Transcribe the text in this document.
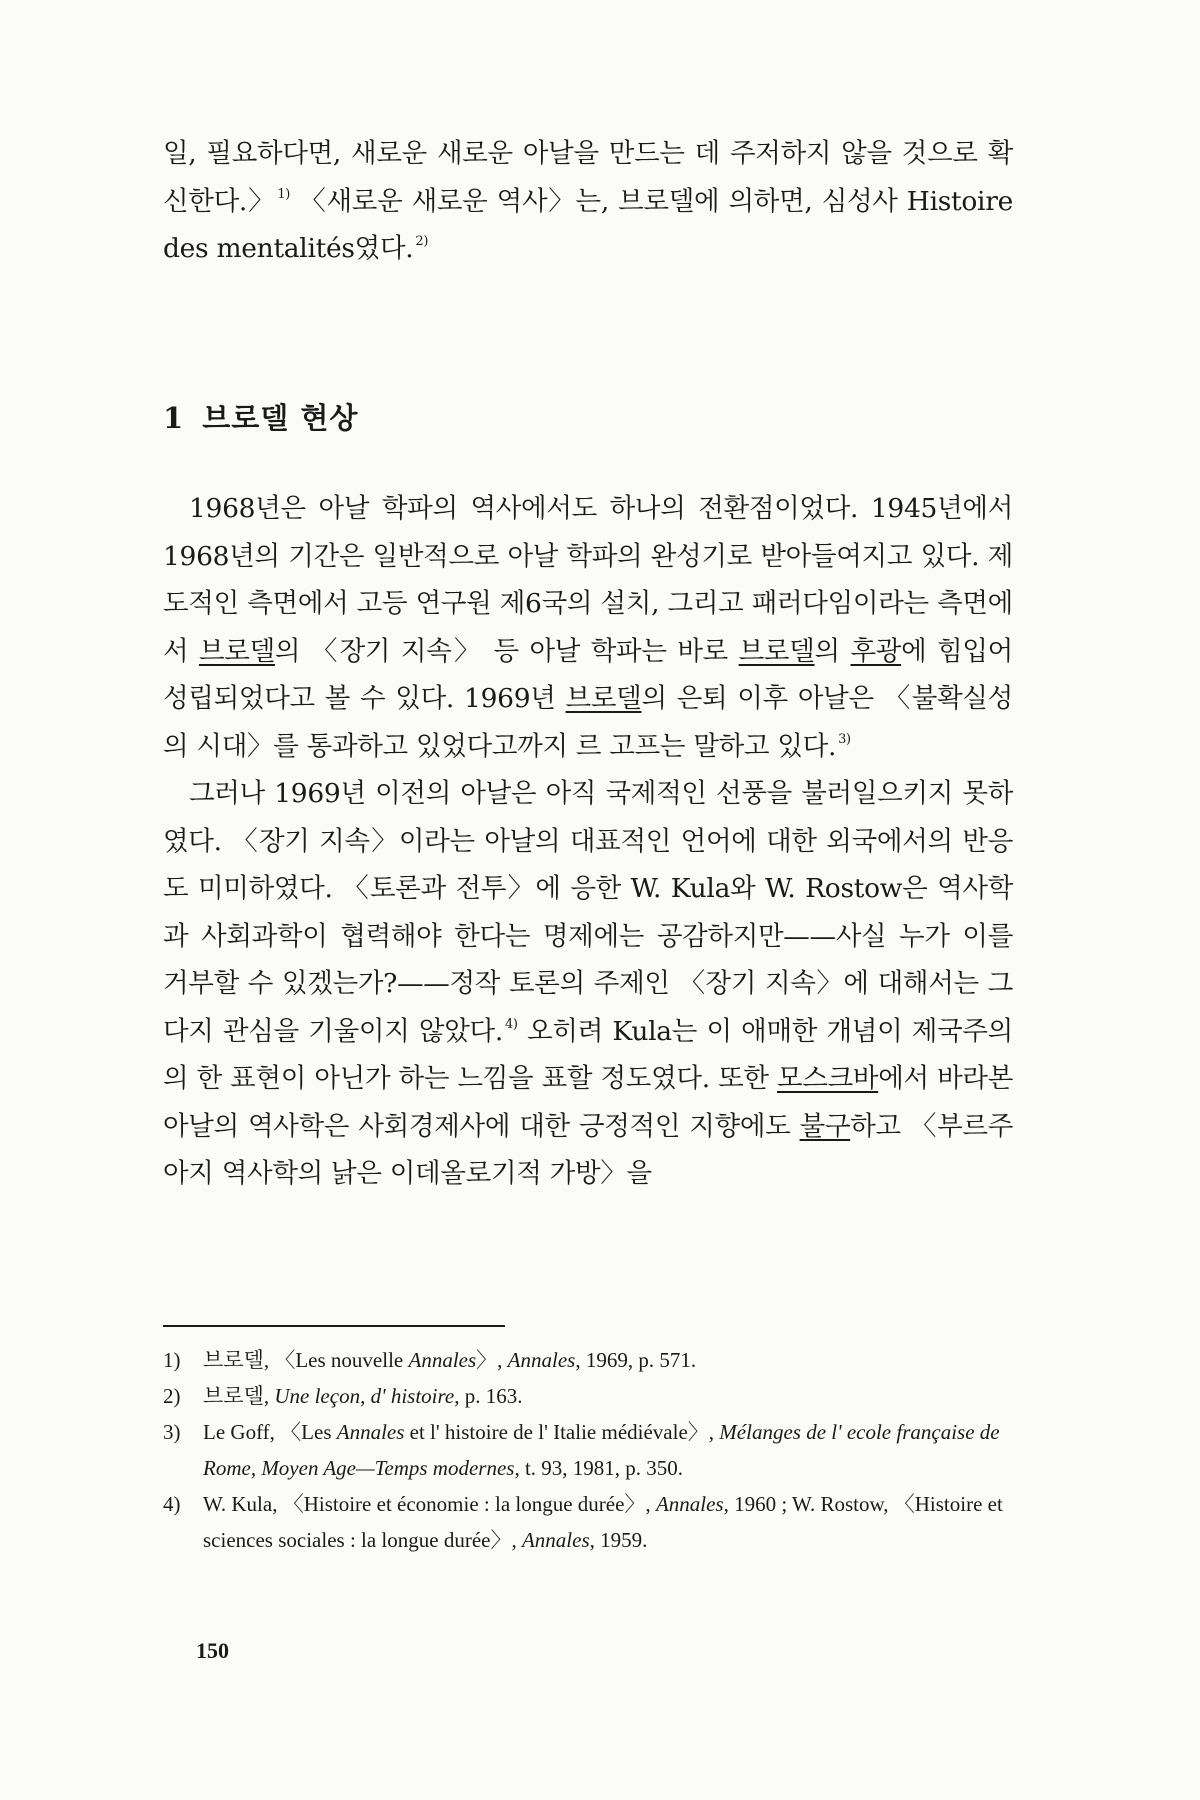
일, 필요하다면, 새로운 새로운 아날을 만드는 데 주저하지 않을 것으로 확신한다.〉 $^{1)}$ 〈새로운 새로운 역사〉는, 브로델에 의하면, 심성사 Histoire des mentalités였다. $^{2)}$

1 브로델 현상

1968년은 아날 학파의 역사에서도 하나의 전환점이었다. 1945년에서 1968년의 기간은 일반적으로 아날 학파의 완성기로 받아들여지고 있다. 제도적인 측면에서 고등 연구원 제6국의 설치, 그리고 패러다임이라는 측면에서 브로델의 〈장기 지속〉 등 아날 학파는 바로 브로델의 후광에 힘입어 성립되었다고 볼 수 있다. 1969년 브로델의 은퇴 이후 아날은 〈불확실성의 시대〉를 통과하고 있었다고까지 르 고프는 말하고 있다. $^{3)}$

그러나 1969년 이전의 아날은 아직 국제적인 선풍을 불러일으키지 못하였다. 〈장기 지속〉이라는 아날의 대표적인 언어에 대한 외국에서의 반응도 미미하였다. 〈토론과 전투〉에 응한 W. Kula와 W. Rostow은 역사학과 사회과학이 협력해야 한다는 명제에는 공감하지만——사실 누가 이를 거부할 수 있겠는가?——정작 토론의 주제인 〈장기 지속〉에 대해서는 그다지 관심을 기울이지 않았다. $^{4)}$ 오히려 Kula는 이 애매한 개념이 제국주의의 한 표현이 아닌가 하는 느낌을 표할 정도였다. 또한 모스크바에서 바라본 아날의 역사학은 사회경제사에 대한 긍정적인 지향에도 불구하고 〈부르주아지 역사학의 낡은 이데올로기적 가방〉을

1)	브로델, 〈Les nouvelle Annales〉, Annales, 1969, p. 571.
2)	브로델, Une leçon, d' histoire, p. 163.
3)	Le Goff, 〈Les Annales et l' histoire de l' Italie médiévale〉, Mélanges de l' ecole française de Rome, Moyen Age—Temps modernes, t. 93, 1981, p. 350.
4)	W. Kula, 〈Histoire et économie : la longue durée〉, Annales, 1960 ; W. Rostow, 〈Histoire et sciences sociales : la longue durée〉, Annales, 1959.
150
